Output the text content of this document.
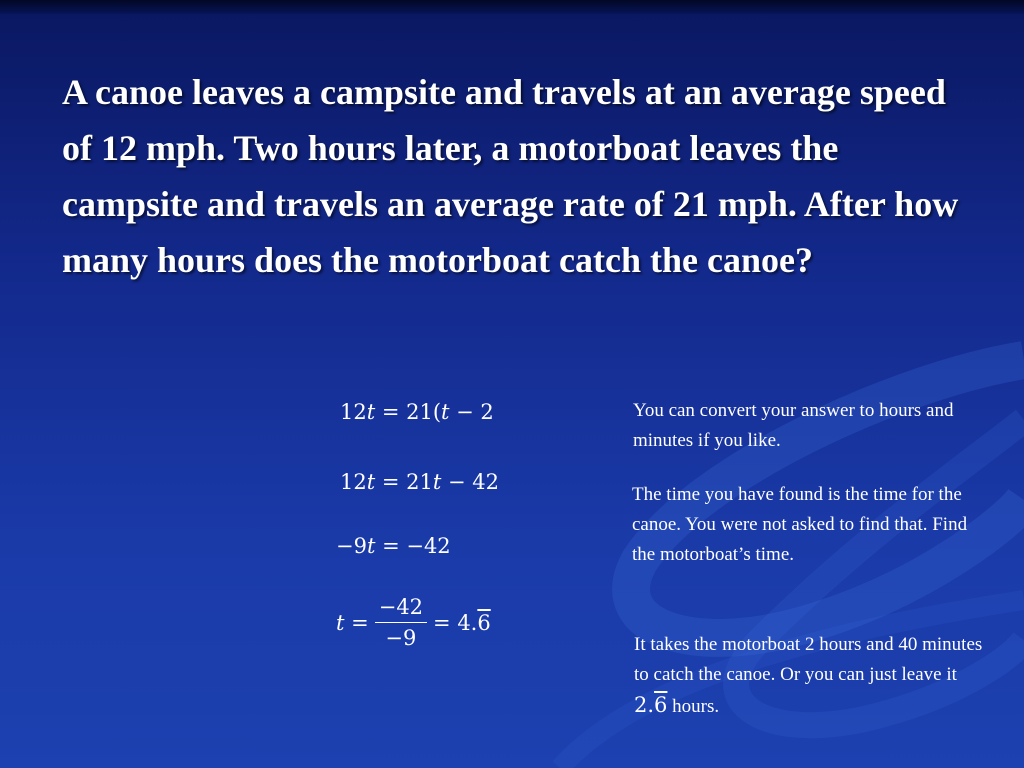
A canoe leaves a campsite and travels at an average speed of 12 mph. Two hours later, a motorboat leaves the campsite and travels an average rate of 21 mph. After how many hours does the motorboat catch the canoe?
12𝑡 = 21(𝑡 − 2
12𝑡 = 21𝑡 − 42
−9𝑡 = −42
𝑡 = $\frac{-42}{-9} = 4$. 6
You can convert your answer to hours and minutes if you like.
The time you have found is the time for the canoe. You were not asked to find that. Find the motorboat’s time.
It takes the motorboat 2 hours and 40 minutes to catch the canoe. Or you can just leave it 2.6 hours.
